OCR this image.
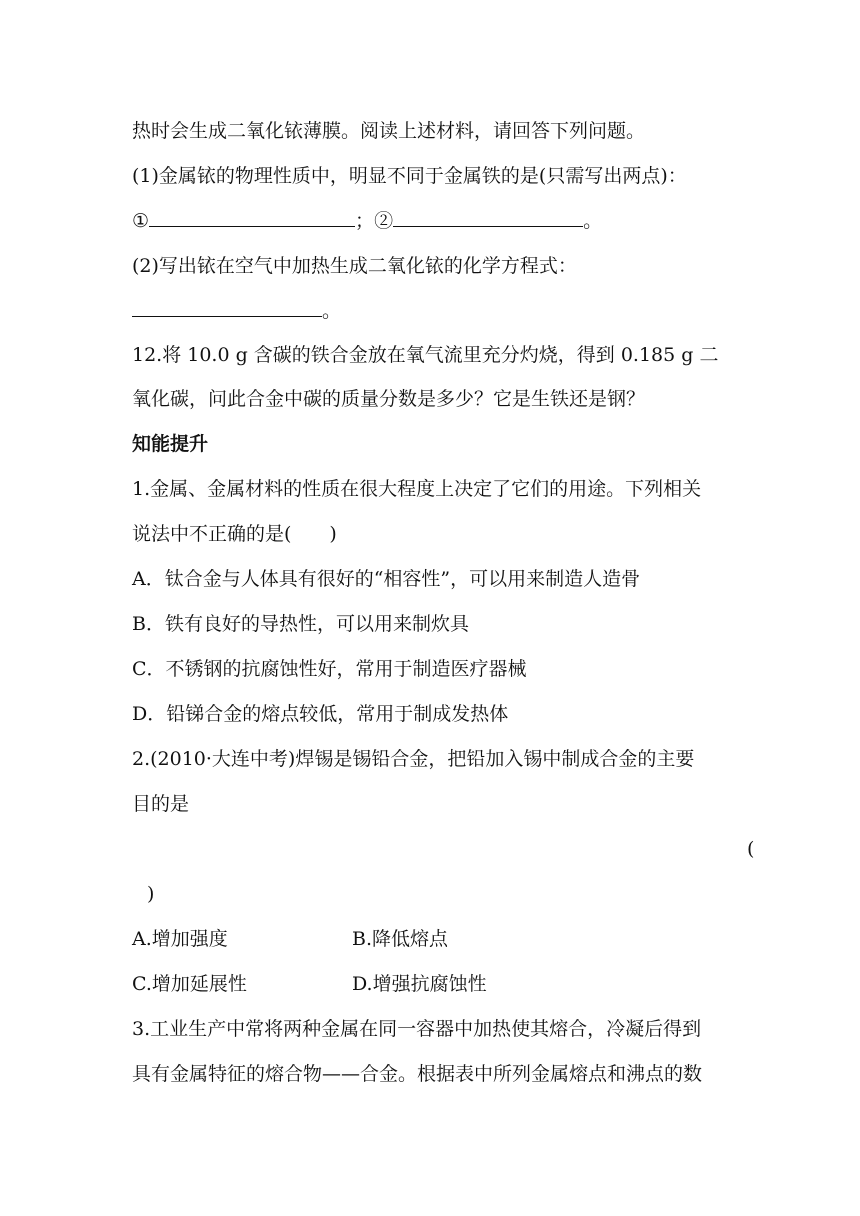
热时会生成二氧化铱薄膜。阅读上述材料，请回答下列问题。
(1)金属铱的物理性质中，明显不同于金属铁的是(只需写出两点)：
①	；②	。
(2)写出铱在空气中加热生成二氧化铱的化学方程式：
。
12.将 10.0 g 含碳的铁合金放在氧气流里充分灼烧，得到 0.185 g 二
氧化碳，问此合金中碳的质量分数是多少？它是生铁还是钢？
知能提升
1.金属、金属材料的性质在很大程度上决定了它们的用途。下列相关
说法中不正确的是(　　)
A．钛合金与人体具有很好的“相容性”，可以用来制造人造骨
B．铁有良好的导热性，可以用来制炊具
C．不锈钢的抗腐蚀性好，常用于制造医疗器械
D．铅锑合金的熔点较低，常用于制成发热体
2.(2010·大连中考)焊锡是锡铅合金，把铅加入锡中制成合金的主要
目的是
(
)
A.增加强度	B.降低熔点
C.增加延展性	D.增强抗腐蚀性
3.工业生产中常将两种金属在同一容器中加热使其熔合，冷凝后得到
具有金属特征的熔合物——合金。根据表中所列金属熔点和沸点的数
